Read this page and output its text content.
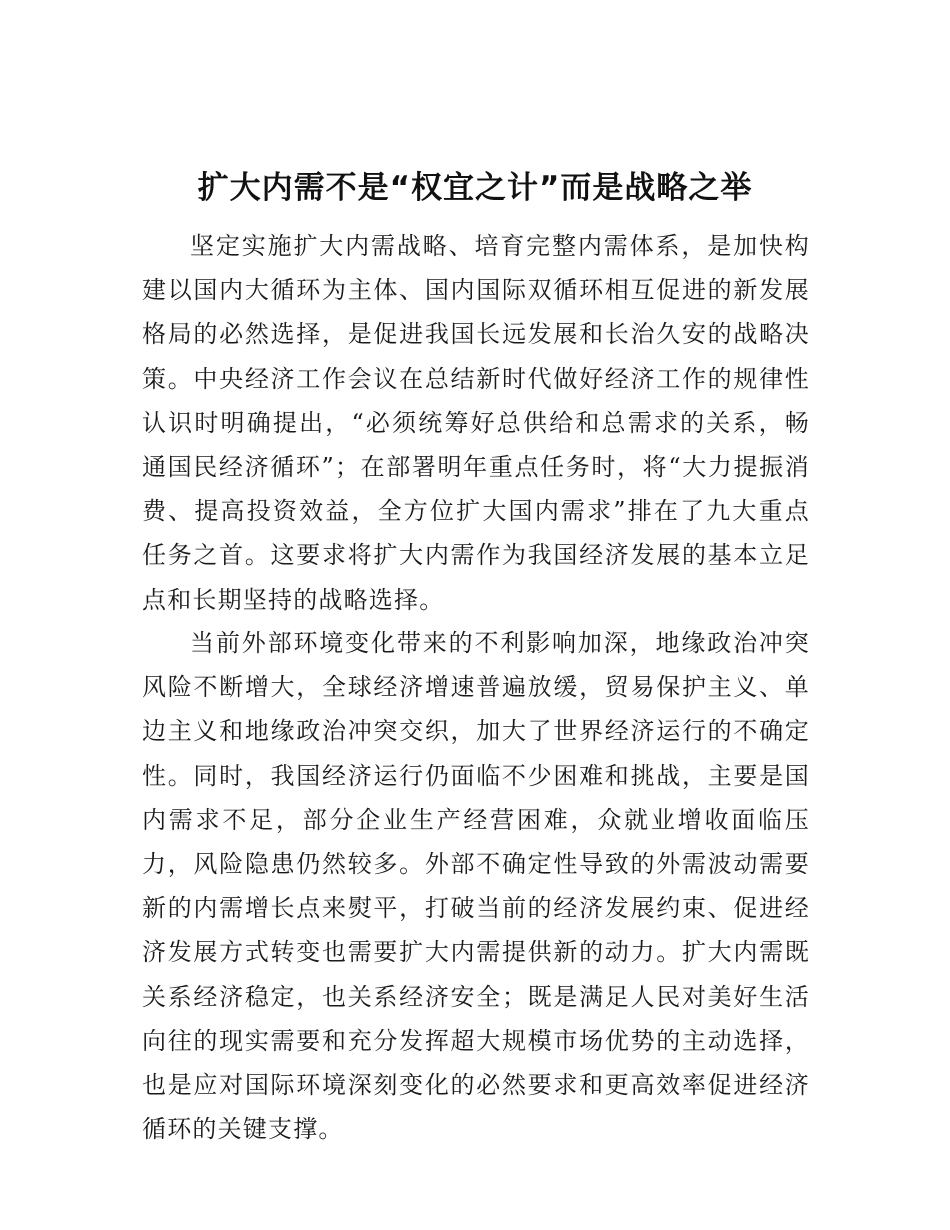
扩大内需不是“权宜之计”而是战略之举

坚定实施扩大内需战略、培育完整内需体系，是加快构建以国内大循环为主体、国内国际双循环相互促进的新发展格局的必然选择，是促进我国长远发展和长治久安的战略决策。中央经济工作会议在总结新时代做好经济工作的规律性认识时明确提出，“必须统筹好总供给和总需求的关系，畅通国民经济循环”；在部署明年重点任务时，将“大力提振消费、提高投资效益，全方位扩大国内需求”排在了九大重点任务之首。这要求将扩大内需作为我国经济发展的基本立足点和长期坚持的战略选择。

当前外部环境变化带来的不利影响加深，地缘政治冲突风险不断增大，全球经济增速普遍放缓，贸易保护主义、单边主义和地缘政治冲突交织，加大了世界经济运行的不确定性。同时，我国经济运行仍面临不少困难和挑战，主要是国内需求不足，部分企业生产经营困难，众就业增收面临压力，风险隐患仍然较多。外部不确定性导致的外需波动需要新的内需增长点来熨平，打破当前的经济发展约束、促进经济发展方式转变也需要扩大内需提供新的动力。扩大内需既关系经济稳定，也关系经济安全；既是满足人民对美好生活向往的现实需要和充分发挥超大规模市场优势的主动选择，也是应对国际环境深刻变化的必然要求和更高效率促进经济循环的关键支撑。
